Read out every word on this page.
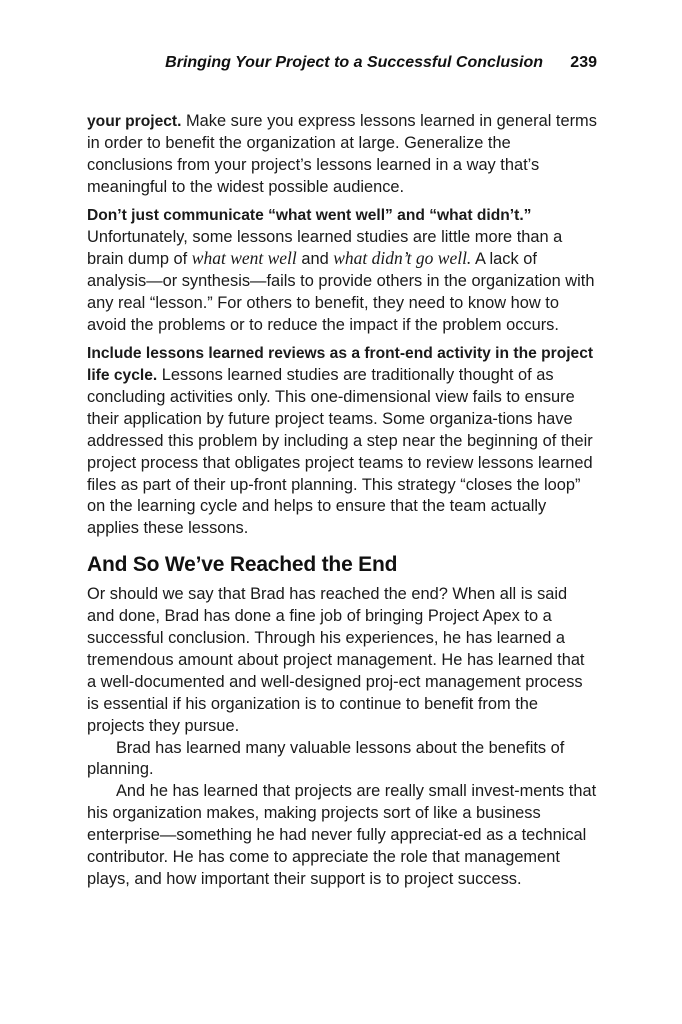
Bringing Your Project to a Successful Conclusion 239

your project. Make sure you express lessons learned in general terms in order to benefit the organization at large. Generalize the conclusions from your project’s lessons learned in a way that’s meaningful to the widest possible audience.

Don’t just communicate “what went well” and “what didn’t.” Unfortunately, some lessons learned studies are little more than a brain dump of what went well and what didn’t go well. A lack of analysis—or synthesis—fails to provide others in the organization with any real “lesson.” For others to benefit, they need to know how to avoid the problems or to reduce the impact if the problem occurs.

Include lessons learned reviews as a front-end activity in the project life cycle. Lessons learned studies are traditionally thought of as concluding activities only. This one-dimensional view fails to ensure their application by future project teams. Some organiza-tions have addressed this problem by including a step near the beginning of their project process that obligates project teams to review lessons learned files as part of their up-front planning. This strategy “closes the loop” on the learning cycle and helps to ensure that the team actually applies these lessons.

And So We’ve Reached the End

Or should we say that Brad has reached the end? When all is said and done, Brad has done a fine job of bringing Project Apex to a successful conclusion. Through his experiences, he has learned a tremendous amount about project management. He has learned that a well-documented and well-designed proj-ect management process is essential if his organization is to continue to benefit from the projects they pursue.

Brad has learned many valuable lessons about the benefits of planning.

And he has learned that projects are really small invest-ments that his organization makes, making projects sort of like a business enterprise—something he had never fully appreciat-ed as a technical contributor. He has come to appreciate the role that management plays, and how important their support is to project success.
